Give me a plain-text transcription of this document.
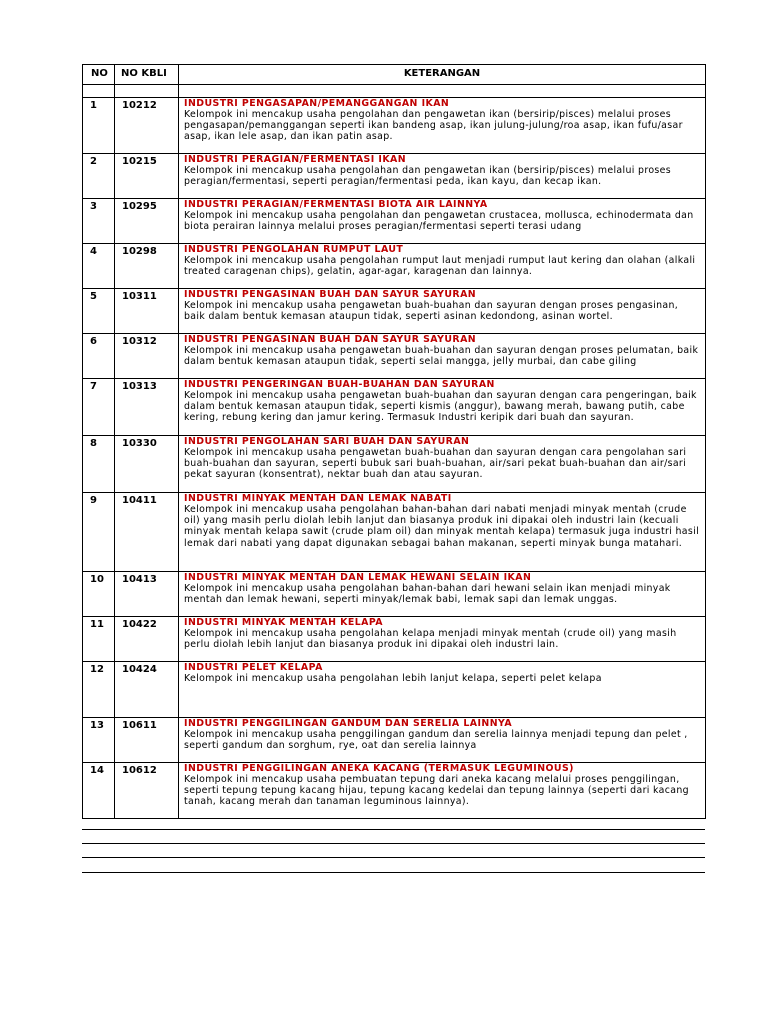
NO	NO KBLI	KETERANGAN

1	10212	INDUSTRI PENGASAPAN/PEMANGGANGAN IKAN
Kelompok ini mencakup usaha pengolahan dan pengawetan ikan (bersirip/pisces) melalui proses pengasapan/pemanggangan seperti ikan bandeng asap, ikan julung-julung/roa asap, ikan fufu/asar asap, ikan lele asap, dan ikan patin asap.

2	10215	INDUSTRI PERAGIAN/FERMENTASI IKAN
Kelompok ini mencakup usaha pengolahan dan pengawetan ikan (bersirip/pisces) melalui proses peragian/fermentasi, seperti peragian/fermentasi peda, ikan kayu, dan kecap ikan.

3	10295	INDUSTRI PERAGIAN/FERMENTASI BIOTA AIR LAINNYA
Kelompok ini mencakup usaha pengolahan dan pengawetan crustacea, mollusca, echinodermata dan biota perairan lainnya melalui proses peragian/fermentasi seperti terasi udang

4	10298	INDUSTRI PENGOLAHAN RUMPUT LAUT
Kelompok ini mencakup usaha pengolahan rumput laut menjadi rumput laut kering dan olahan (alkali treated caragenan chips), gelatin, agar-agar, karagenan dan lainnya.

5	10311	INDUSTRI PENGASINAN BUAH DAN SAYUR SAYURAN
Kelompok ini mencakup usaha pengawetan buah-buahan dan sayuran dengan proses pengasinan, baik dalam bentuk kemasan ataupun tidak, seperti asinan kedondong, asinan wortel.

6	10312	INDUSTRI PENGASINAN BUAH DAN SAYUR SAYURAN
Kelompok ini mencakup usaha pengawetan buah-buahan dan sayuran dengan proses pelumatan, baik dalam bentuk kemasan ataupun tidak, seperti selai mangga, jelly murbai, dan cabe giling

7	10313	INDUSTRI PENGERINGAN BUAH-BUAHAN DAN SAYURAN
Kelompok ini mencakup usaha pengawetan buah-buahan dan sayuran dengan cara pengeringan, baik dalam bentuk kemasan ataupun tidak, seperti kismis (anggur), bawang merah, bawang putih, cabe kering, rebung kering dan jamur kering. Termasuk Industri keripik dari buah dan sayuran.

8	10330	INDUSTRI PENGOLAHAN SARI BUAH DAN SAYURAN
Kelompok ini mencakup usaha pengawetan buah-buahan dan sayuran dengan cara pengolahan sari buah-buahan dan sayuran, seperti bubuk sari buah-buahan, air/sari pekat buah-buahan dan air/sari pekat sayuran (konsentrat), nektar buah dan atau sayuran.

9	10411	INDUSTRI MINYAK MENTAH DAN LEMAK NABATI
Kelompok ini mencakup usaha pengolahan bahan-bahan dari nabati menjadi minyak mentah (crude oil) yang masih perlu diolah lebih lanjut dan biasanya produk ini dipakai oleh industri lain (kecuali minyak mentah kelapa sawit (crude plam oil) dan minyak mentah kelapa) termasuk juga industri hasil lemak dari nabati yang dapat digunakan sebagai bahan makanan, seperti minyak bunga matahari.

10	10413	INDUSTRI MINYAK MENTAH DAN LEMAK HEWANI SELAIN IKAN
Kelompok ini mencakup usaha pengolahan bahan-bahan dari hewani selain ikan menjadi minyak mentah dan lemak hewani, seperti minyak/lemak babi, lemak sapi dan lemak unggas.

11	10422	INDUSTRI MINYAK MENTAH KELAPA
Kelompok ini mencakup usaha pengolahan kelapa menjadi minyak mentah (crude oil) yang masih perlu diolah lebih lanjut dan biasanya produk ini dipakai oleh industri lain.

12	10424	INDUSTRI PELET KELAPA
Kelompok ini mencakup usaha pengolahan lebih lanjut kelapa, seperti pelet kelapa

13	10611	INDUSTRI PENGGILINGAN GANDUM DAN SERELIA LAINNYA
Kelompok ini mencakup usaha penggilingan gandum dan serelia lainnya menjadi tepung dan pelet , seperti gandum dan sorghum, rye, oat dan serelia lainnya

14	10612	INDUSTRI PENGGILINGAN ANEKA KACANG (TERMASUK LEGUMINOUS)
Kelompok ini mencakup usaha pembuatan tepung dari aneka kacang melalui proses penggilingan, seperti tepung tepung kacang hijau, tepung kacang kedelai dan tepung lainnya (seperti dari kacang tanah, kacang merah dan tanaman leguminous lainnya).
